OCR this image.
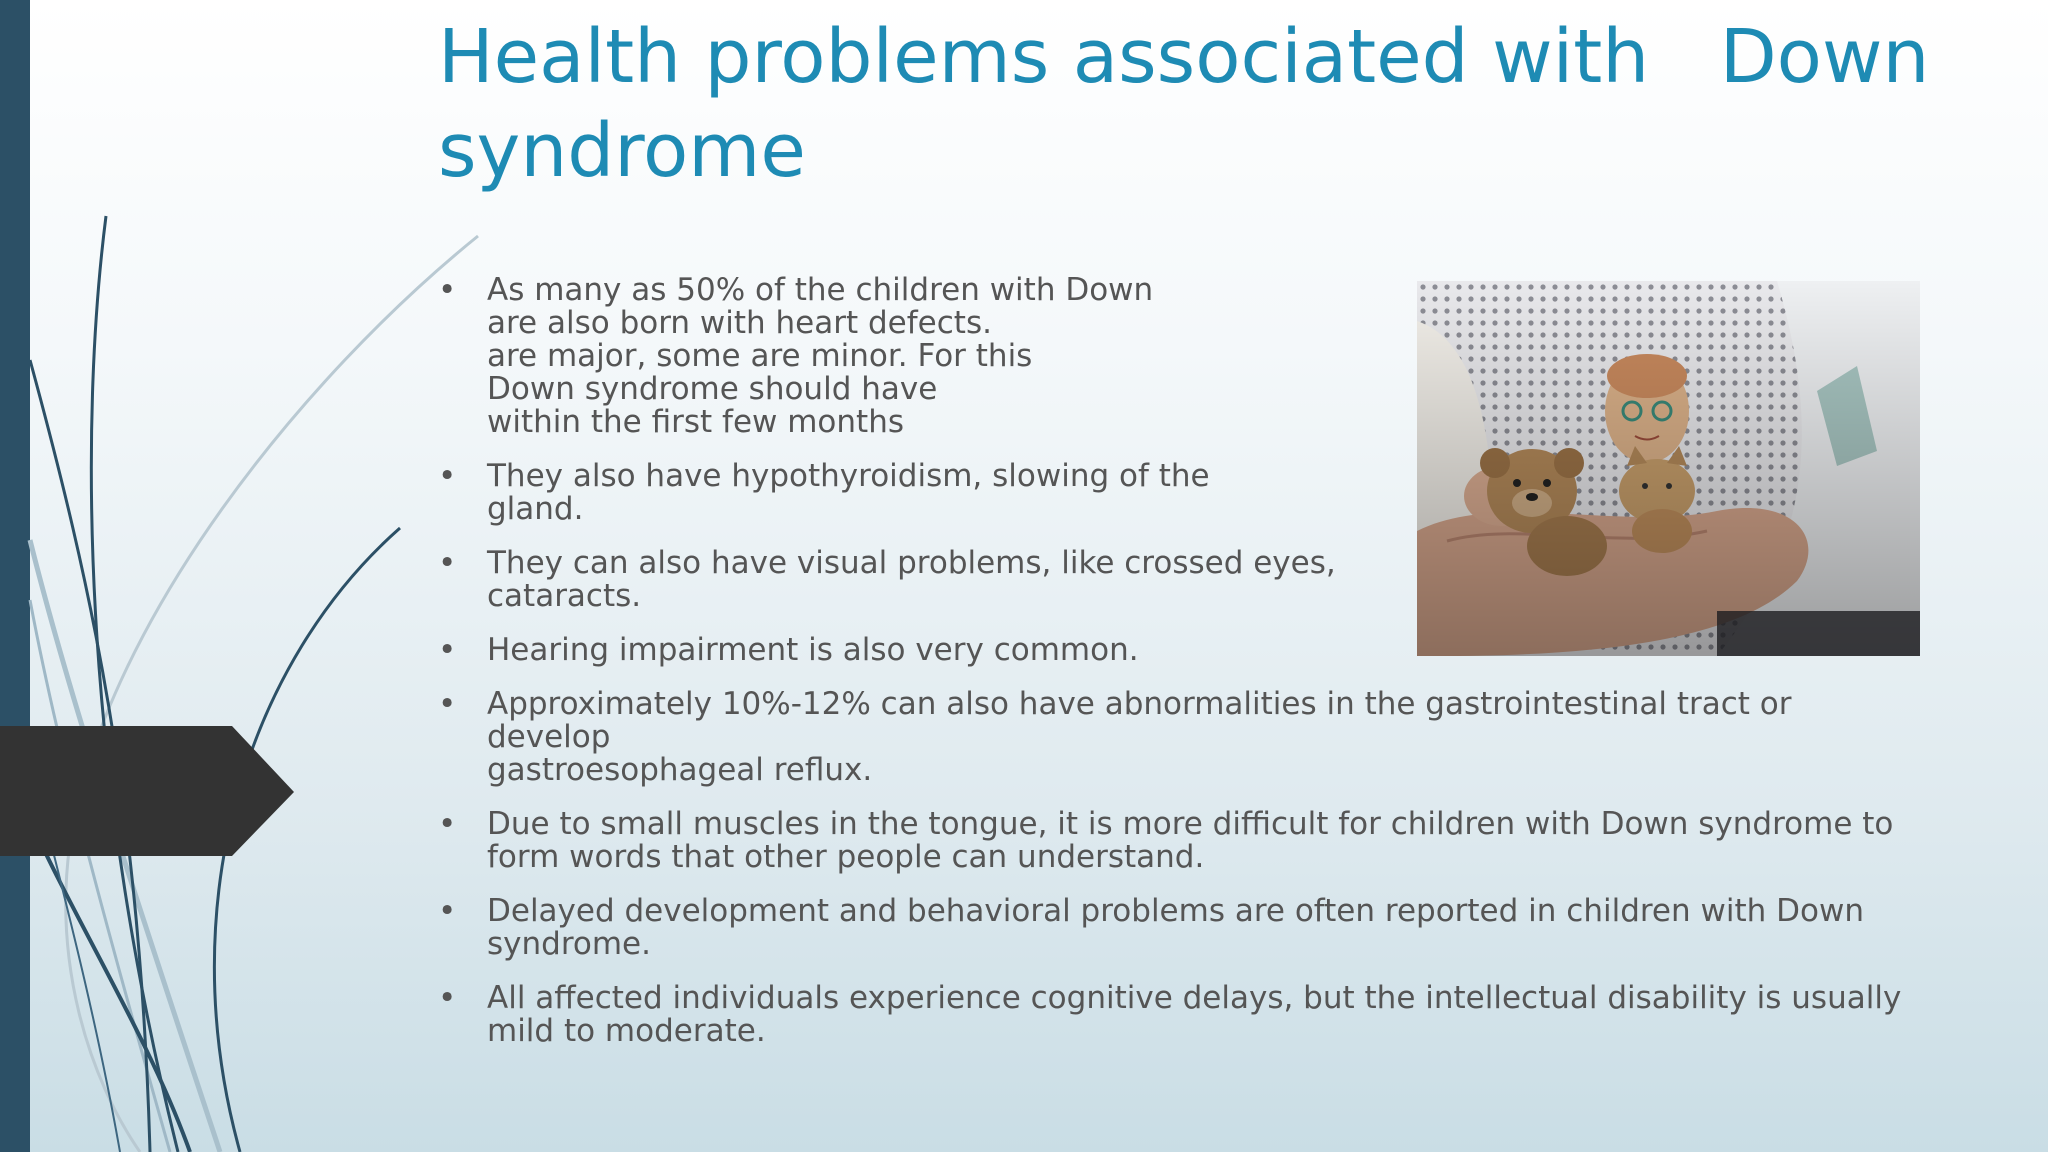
Health problems associated with   Down syndrome
• As many as 50% of the children with Down
are also born with heart defects.
are major, some are minor. For this
Down syndrome should have
within the first few months
• They also have hypothyroidism, slowing of the
gland.
• They can also have visual problems, like crossed eyes,
cataracts.
• Hearing impairment is also very common.
• Approximately 10%-12% can also have abnormalities in the gastrointestinal tract or develop
gastroesophageal reflux.
• Due to small muscles in the tongue, it is more difficult for children with Down syndrome to
form words that other people can understand.
• Delayed development and behavioral problems are often reported in children with Down
syndrome.
• All affected individuals experience cognitive delays, but the intellectual disability is usually
mild to moderate.
